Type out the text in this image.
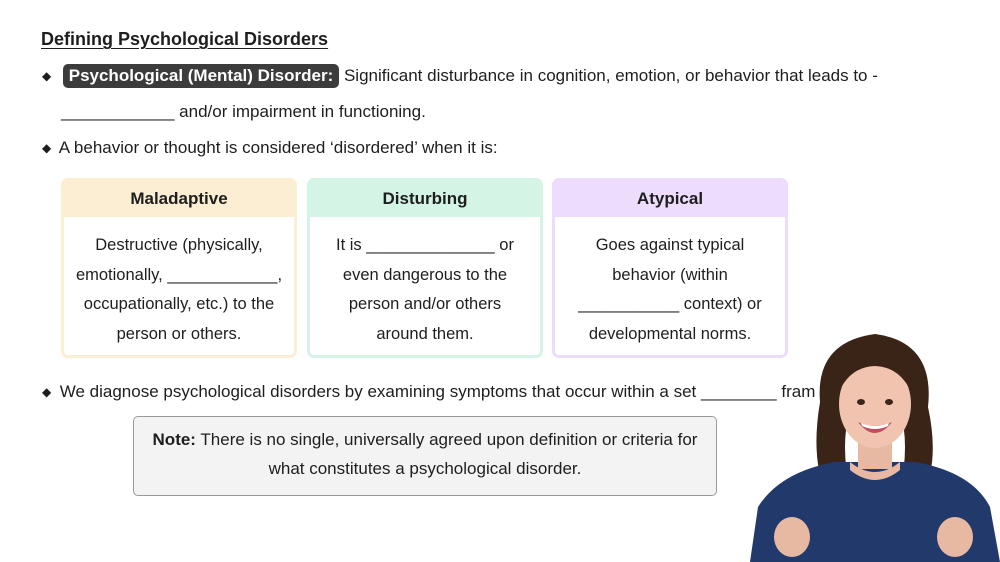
Defining Psychological Disorders
◆ Psychological (Mental) Disorder: Significant disturbance in cognition, emotion, or behavior that leads to -
____________ and/or impairment in functioning.
◆ A behavior or thought is considered ‘disordered’ when it is:
Maladaptive
Destructive (physically,
emotionally, ____________,
occupationally, etc.) to the
person or others.
Disturbing
It is ______________ or
even dangerous to the
person and/or others
around them.
Atypical
Goes against typical
behavior (within
___________ context) or
developmental norms.
◆ We diagnose psychological disorders by examining symptoms that occur within a set ________ fram
Note: There is no single, universally agreed upon definition or criteria for
what constitutes a psychological disorder.
